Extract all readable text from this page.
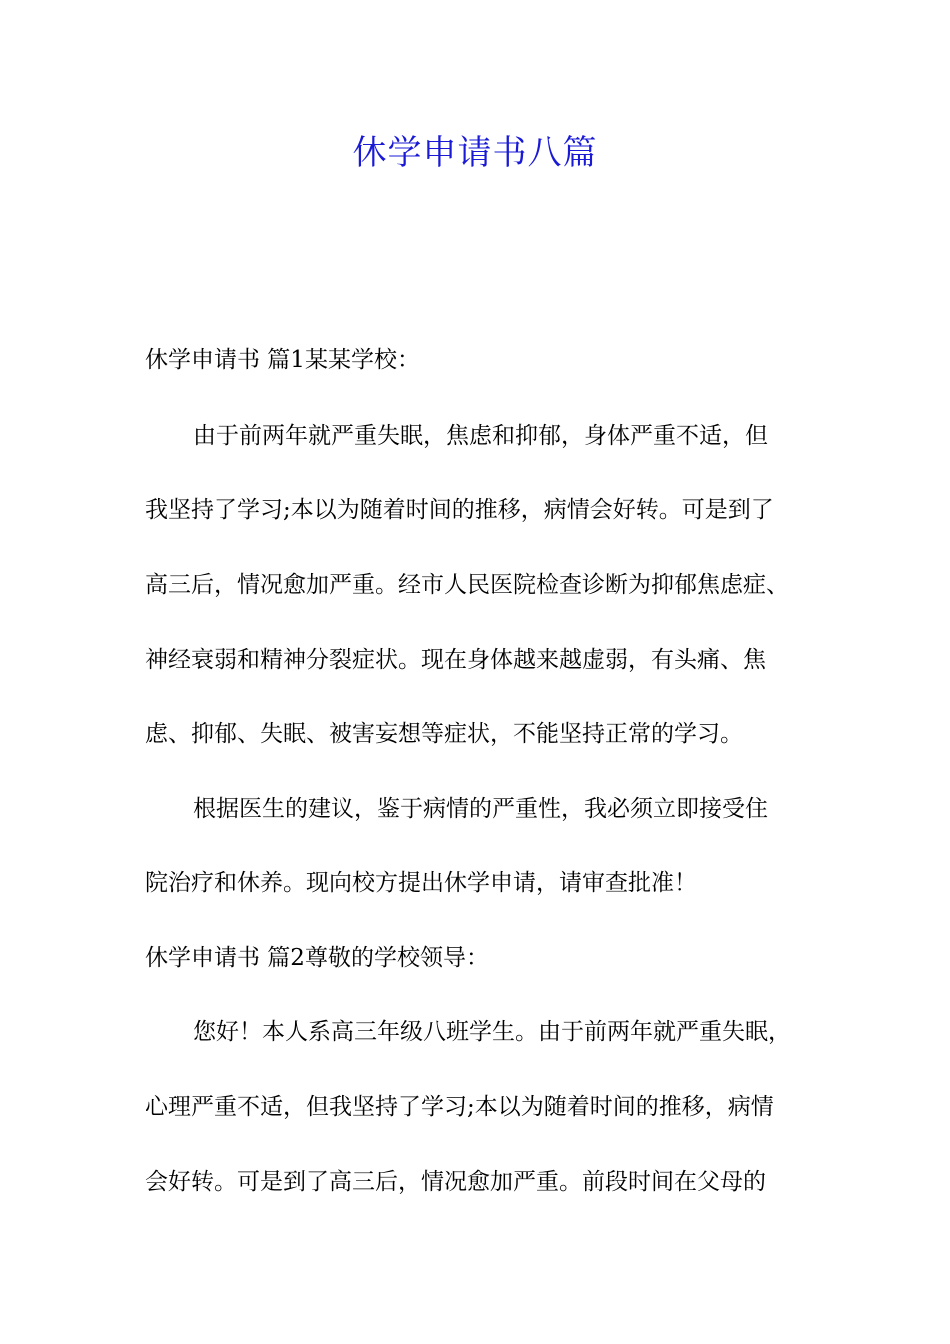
休学申请书八篇
休学申请书 篇1某某学校：
由于前两年就严重失眠，焦虑和抑郁，身体严重不适，但
我坚持了学习;本以为随着时间的推移，病情会好转。可是到了
高三后，情况愈加严重。经市人民医院检查诊断为抑郁焦虑症、
神经衰弱和精神分裂症状。现在身体越来越虚弱，有头痛、焦
虑、抑郁、失眠、被害妄想等症状，不能坚持正常的学习。
根据医生的建议，鉴于病情的严重性，我必须立即接受住
院治疗和休养。现向校方提出休学申请，请审查批准！
休学申请书 篇2尊敬的学校领导：
您好！本人系高三年级八班学生。由于前两年就严重失眠，
心理严重不适，但我坚持了学习;本以为随着时间的推移，病情
会好转。可是到了高三后，情况愈加严重。前段时间在父母的
